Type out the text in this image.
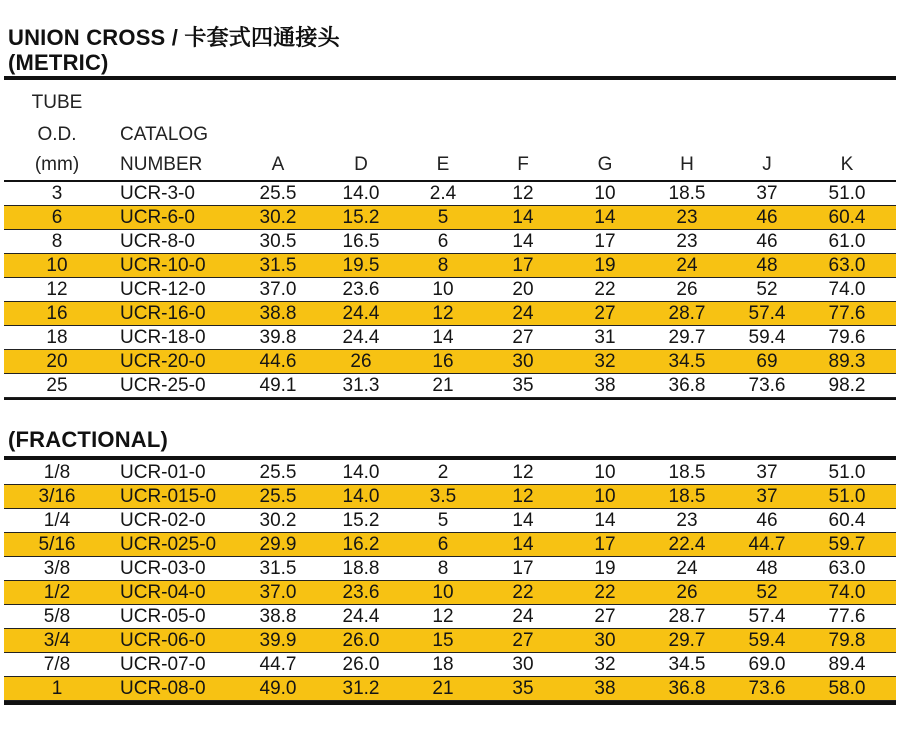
UNION CROSS / 卡套式四通接头
(METRIC)
TUBE
O.D.
(mm)
CATALOG
NUMBER	A	D	E	F	G	H	J	K
3	UCR-3-0	25.5 14.0	2.4	12	10	18.5	37	51.0
6	UCR-6-0	30.2 15.2	5	14	14	23	46	60.4
8	UCR-8-0	30.5 16.5	6	14	17	23	46	61.0
10	UCR-10-0	31.5 19.5	8	17	19	24	48	63.0
12	UCR-12-0	37.0 23.6	10	20	22	26	52	74.0
16	UCR-16-0	38.8 24.4	12	24	27	28.7 57.4 77.6
18	UCR-18-0	39.8 24.4	14	27	31	29.7 59.4 79.6
20	UCR-20-0	44.6	26	16	30	32	34.5	69	89.3
25	UCR-25-0	49.1 31.3	21	35	38	36.8 73.6 98.2
(FRACTIONAL)
1/8	UCR-01-0	25.5 14.0	2	12	10	18.5	37	51.0
3/16 UCR-015-0 25.5 14.0	3.5	12	10	18.5	37	51.0
1/4	UCR-02-0	30.2 15.2	5	14	14	23	46	60.4
5/16 UCR-025-0 29.9 16.2	6	14	17	22.4 44.7 59.7
3/8	UCR-03-0	31.5 18.8	8	17	19	24	48	63.0
1/2	UCR-04-0	37.0 23.6	10	22	22	26	52	74.0
5/8	UCR-05-0	38.8 24.4	12	24	27	28.7 57.4 77.6
3/4	UCR-06-0	39.9 26.0	15	27	30	29.7 59.4 79.8
7/8	UCR-07-0	44.7 26.0	18	30	32	34.5 69.0 89.4
1	UCR-08-0	49.0 31.2	21	35	38	36.8 73.6 58.0
